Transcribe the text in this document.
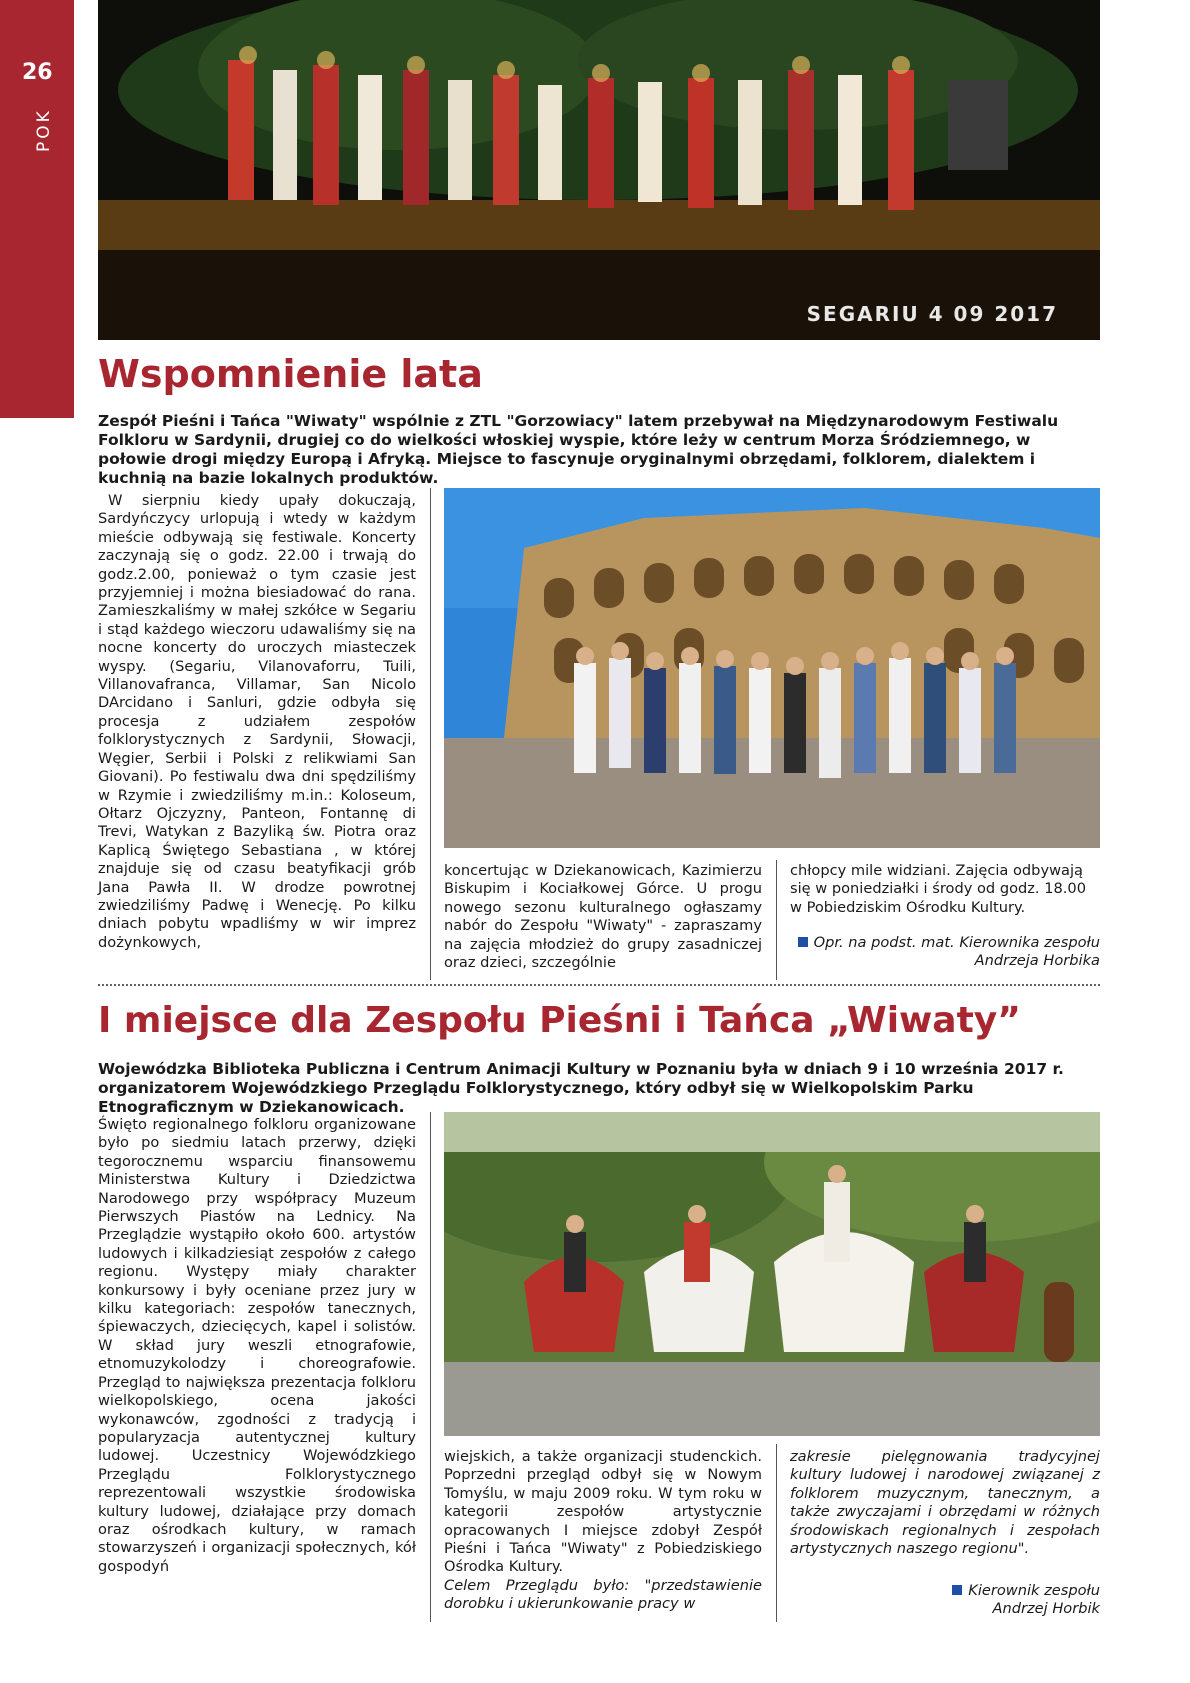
26
POK
SEGARIU 4 09 2017
Wspomnienie lata

Zespół Pieśni i Tańca "Wiwaty" wspólnie z ZTL "Gorzowiacy" latem przebywał na Międzynarodowym Festiwalu Folkloru w Sardynii, drugiej co do wielkości włoskiej wyspie, które leży w centrum Morza Śródziemnego, w połowie drogi między Europą i Afryką. Miejsce to fascynuje oryginalnymi obrzędami, folklorem, dialektem i kuchnią na bazie lokalnych produktów.

W sierpniu kiedy upały dokuczają, Sardyńczycy urlopują i wtedy w każdym mieście odbywają się festiwale. Koncerty zaczynają się o godz. 22.00 i trwają do godz.2.00, ponieważ o tym czasie jest przyjemniej i można biesiadować do rana. Zamieszkaliśmy w małej szkółce w Segariu i stąd każdego wieczoru udawaliśmy się na nocne koncerty do uroczych miasteczek wyspy. (Segariu, Vilanovaforru, Tuili, Villanovafranca, Villamar, San Nicolo DArcidano i Sanluri, gdzie odbyła się procesja z udziałem zespołów folklorystycznych z Sardynii, Słowacji, Węgier, Serbii i Polski z relikwiami San Giovani). Po festiwalu dwa dni spędziliśmy w Rzymie i zwiedziliśmy m.in.: Koloseum, Ołtarz Ojczyzny, Panteon, Fontannę di Trevi, Watykan z Bazyliką św. Piotra oraz Kaplicą Świętego Sebastiana , w której znajduje się od czasu beatyfikacji grób Jana Pawła II. W drodze powrotnej zwiedziliśmy Padwę i Wenecję. Po kilku dniach pobytu wpadliśmy w wir imprez dożynkowych,

koncertując w Dziekanowicach, Kazimierzu Biskupim i Kociałkowej Górce. U progu nowego sezonu kulturalnego ogłaszamy nabór do Zespołu "Wiwaty" - zapraszamy na zajęcia młodzież do grupy zasadniczej oraz dzieci, szczególnie

chłopcy mile widziani. Zajęcia odbywają się w poniedziałki i środy od godz. 18.00 w Pobiedziskim Ośrodku Kultury.

Opr. na podst. mat. Kierownika zespołu
Andrzeja Horbika
I miejsce dla Zespołu Pieśni i Tańca „Wiwaty”

Wojewódzka Biblioteka Publiczna i Centrum Animacji Kultury w Poznaniu była w dniach 9 i 10 września 2017 r. organizatorem Wojewódzkiego Przeglądu Folklorystycznego, który odbył się w Wielkopolskim Parku Etnograficznym w Dziekanowicach.

Święto regionalnego folkloru organizowane było po siedmiu latach przerwy, dzięki tegorocznemu wsparciu finansowemu Ministerstwa Kultury i Dziedzictwa Narodowego przy współpracy Muzeum Pierwszych Piastów na Lednicy. Na Przeglądzie wystąpiło około 600. artystów ludowych i kilkadziesiąt zespołów z całego regionu. Występy miały charakter konkursowy i były oceniane przez jury w kilku kategoriach: zespołów tanecznych, śpiewaczych, dziecięcych, kapel i solistów. W skład jury weszli etnografowie, etnomuzykolodzy i choreografowie. Przegląd to największa prezentacja folkloru wielkopolskiego, ocena jakości wykonawców, zgodności z tradycją i popularyzacja autentycznej kultury ludowej. Uczestnicy Wojewódzkiego Przeglądu Folklorystycznego reprezentowali wszystkie środowiska kultury ludowej, działające przy domach oraz ośrodkach kultury, w ramach stowarzyszeń i organizacji społecznych, kół gospodyń

wiejskich, a także organizacji studenckich. Poprzedni przegląd odbył się w Nowym Tomyślu, w maju 2009 roku. W tym roku w kategorii zespołów artystycznie opracowanych I miejsce zdobył Zespół Pieśni i Tańca "Wiwaty" z Pobiedziskiego Ośrodka Kultury.

Celem Przeglądu było: "przedstawienie dorobku i ukierunkowanie pracy w

zakresie pielęgnowania tradycyjnej kultury ludowej i narodowej związanej z folklorem muzycznym, tanecznym, a także zwyczajami i obrzędami w różnych środowiskach regionalnych i zespołach artystycznych naszego regionu".

Kierownik zespołu
Andrzej Horbik
